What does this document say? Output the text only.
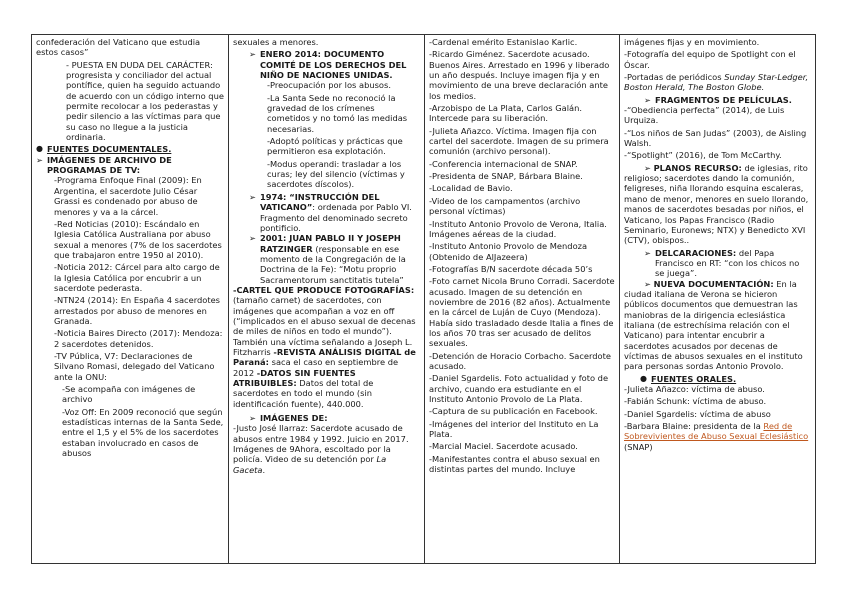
confederación del Vaticano que estudia estos casos”

- PUESTA EN DUDA DEL CARÁCTER: progresista y conciliador del actual pontífice, quien ha seguido actuando de acuerdo con un código interno que permite recolocar a los pederastas y pedir silencio a las víctimas para que su caso no llegue a la justicia ordinaria.

● FUENTES DOCUMENTALES.
➢ IMÁGENES DE ARCHIVO DE PROGRAMAS DE TV:

-Programa Enfoque Final (2009): En Argentina, el sacerdote Julio César Grassi es condenado por abuso de menores y va a la cárcel.

-Red Noticias (2010): Escándalo en Iglesia Católica Australiana por abuso sexual a menores (7% de los sacerdotes que trabajaron entre 1950 al 2010).

-Noticia 2012: Cárcel para alto cargo de la Iglesia Católica por encubrir a un sacerdote pederasta.

-NTN24 (2014): En España 4 sacerdotes arrestados por abuso de menores en Granada.

-Noticia Baires Directo (2017): Mendoza: 2 sacerdotes detenidos.

-TV Pública, V7: Declaraciones de Silvano Romasi, delegado del Vaticano ante la ONU:

-Se acompaña con imágenes de archivo

-Voz Off: En 2009 reconoció que según estadísticas internas de la Santa Sede, entre el 1,5 y el 5% de los sacerdotes estaban involucrado en casos de abusos

sexuales a menores.

➢ ENERO 2014: DOCUMENTO COMITÉ DE LOS DERECHOS DEL NIÑO DE NACIONES UNIDAS.

-Preocupación por los abusos.

-La Santa Sede no reconoció la gravedad de los crímenes cometidos y no tomó las medidas necesarias.

-Adoptó políticas y prácticas que permitieron esa explotación.

-Modus operandi: trasladar a los curas; ley del silencio (víctimas y sacerdotes díscolos).

➢ 1974: “INSTRUCCIÓN DEL VATICANO”: ordenada por Pablo VI. Fragmento del denominado secreto pontificio.
➢ 2001: JUAN PABLO II Y JOSEPH RATZINGER (responsable en ese momento de la Congregación de la Doctrina de la Fe): “Motu proprio Sacramentorum sanctitatis tutela”

-CARTEL QUE PRODUCE FOTOGRAFÍAS: (tamaño carnet) de sacerdotes, con imágenes que acompañan a voz en off (“implicados en el abuso sexual de decenas de miles de niños en todo el mundo”). También una víctima señalando a Joseph L. Fitzharris -REVISTA ANÁLISIS DIGITAL de Paraná: saca el caso en septiembre de 2012 -DATOS SIN FUENTES ATRIBUIBLES: Datos del total de sacerdotes en todo el mundo (sin identificación fuente), 440.000.

➢ IMÁGENES DE:

-Justo José Ilarraz: Sacerdote acusado de abusos entre 1984 y 1992. Juicio en 2017. Imágenes de 9Ahora, escoltado por la policía. Video de su detención por La Gaceta.

-Cardenal emérito Estanislao Karlic.

-Ricardo Giménez. Sacerdote acusado. Buenos Aires. Arrestado en 1996 y liberado un año después. Incluye imagen fija y en movimiento de una breve declaración ante los medios.

-Arzobispo de La Plata, Carlos Galán. Intercede para su liberación.

-Julieta Añazco. Víctima. Imagen fija con cartel del sacerdote. Imagen de su primera comunión (archivo personal).

-Conferencia internacional de SNAP.

-Presidenta de SNAP, Bárbara Blaine.

-Localidad de Bavio.

-Video de los campamentos (archivo personal víctimas)

-Instituto Antonio Provolo de Verona, Italia. Imágenes aéreas de la ciudad.

-Instituto Antonio Provolo de Mendoza (Obtenido de AlJazeera)

-Fotografías B/N sacerdote década 50’s

-Foto carnet Nicola Bruno Corradi. Sacerdote acusado. Imagen de su detención en noviembre de 2016 (82 años). Actualmente en la cárcel de Luján de Cuyo (Mendoza). Había sido trasladado desde Italia a fines de los años 70 tras ser acusado de delitos sexuales.

-Detención de Horacio Corbacho. Sacerdote acusado.

-Daniel Sgardelis. Foto actualidad y foto de archivo, cuando era estudiante en el Instituto Antonio Provolo de La Plata.

-Captura de su publicación en Facebook.

-Imágenes del interior del Instituto en La Plata.

-Marcial Maciel. Sacerdote acusado.

-Manifestantes contra el abuso sexual en distintas partes del mundo. Incluye

imágenes fijas y en movimiento.

-Fotografía del equipo de Spotlight con el Óscar.

-Portadas de periódicos Sunday Star-Ledger, Boston Herald, The Boston Globe.

➢ FRAGMENTOS DE PELÍCULAS.

-“Obediencia perfecta” (2014), de Luis Urquiza.

-“Los niños de San Judas” (2003), de Aisling Walsh.

-“Spotlight” (2016), de Tom McCarthy.

➢ PLANOS RECURSO: de iglesias, rito religioso; sacerdotes dando la comunión, feligreses, niña llorando esquina escaleras, mano de menor, menores en suelo llorando, manos de sacerdotes besadas por niños, el Vaticano, los Papas Francisco (Radio Seminario, Euronews; NTX) y Benedicto XVI (CTV), obispos..

➢ DELCARACIONES: del Papa Francisco en RT: “con los chicos no se juega”.

➢ NUEVA DOCUMENTACIÓN: En la ciudad italiana de Verona se hicieron públicos documentos que demuestran las maniobras de la dirigencia eclesiástica italiana (de estrechísima relación con el Vaticano) para intentar encubrir a sacerdotes acusados por decenas de víctimas de abusos sexuales en el instituto para personas sordas Antonio Provolo.

● FUENTES ORALES.

-Julieta Añazco: víctima de abuso.

-Fabián Schunk: víctima de abuso.

-Daniel Sgardelis: víctima de abuso

-Barbara Blaine: presidenta de la Red de Sobrevivientes de Abuso Sexual Eclesiástico (SNAP)
